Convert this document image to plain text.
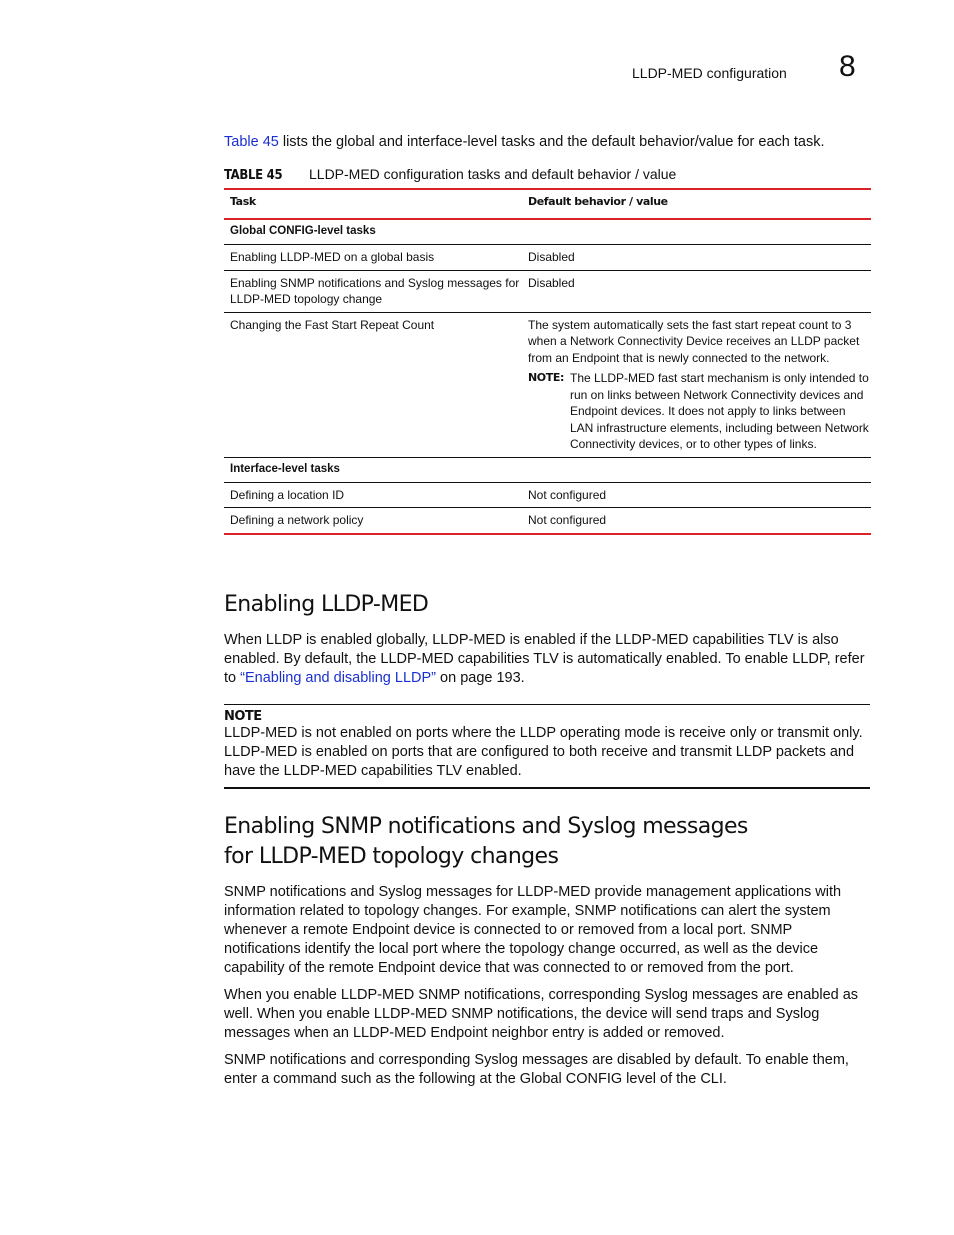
LLDP-MED configuration 8
Table 45 lists the global and interface-level tasks and the default behavior/value for each task.
TABLE 45 LLDP-MED configuration tasks and default behavior / value
Task	Default behavior / value
Global CONFIG-level tasks	
Enabling LLDP-MED on a global basis	Disabled
Enabling SNMP notifications and Syslog messages for LLDP-MED topology change	Disabled
Changing the Fast Start Repeat Count	The system automatically sets the fast start repeat count to 3 when a Network Connectivity Device receives an LLDP packet from an Endpoint that is newly connected to the network.
NOTE: The LLDP-MED fast start mechanism is only intended to run on links between Network Connectivity devices and Endpoint devices. It does not apply to links between LAN infrastructure elements, including between Network Connectivity devices, or to other types of links.

Interface-level tasks	
Defining a location ID	Not configured
Defining a network policy	Not configured
Enabling LLDP-MED

When LLDP is enabled globally, LLDP-MED is enabled if the LLDP-MED capabilities TLV is also enabled. By default, the LLDP-MED capabilities TLV is automatically enabled. To enable LLDP, refer to “Enabling and disabling LLDP” on page 193.

NOTE

LLDP-MED is not enabled on ports where the LLDP operating mode is receive only or transmit only. LLDP-MED is enabled on ports that are configured to both receive and transmit LLDP packets and have the LLDP-MED capabilities TLV enabled.

Enabling SNMP notifications and Syslog messages
for LLDP-MED topology changes

SNMP notifications and Syslog messages for LLDP-MED provide management applications with information related to topology changes. For example, SNMP notifications can alert the system whenever a remote Endpoint device is connected to or removed from a local port. SNMP notifications identify the local port where the topology change occurred, as well as the device capability of the remote Endpoint device that was connected to or removed from the port.

When you enable LLDP-MED SNMP notifications, corresponding Syslog messages are enabled as well. When you enable LLDP-MED SNMP notifications, the device will send traps and Syslog messages when an LLDP-MED Endpoint neighbor entry is added or removed.

SNMP notifications and corresponding Syslog messages are disabled by default. To enable them, enter a command such as the following at the Global CONFIG level of the CLI.
